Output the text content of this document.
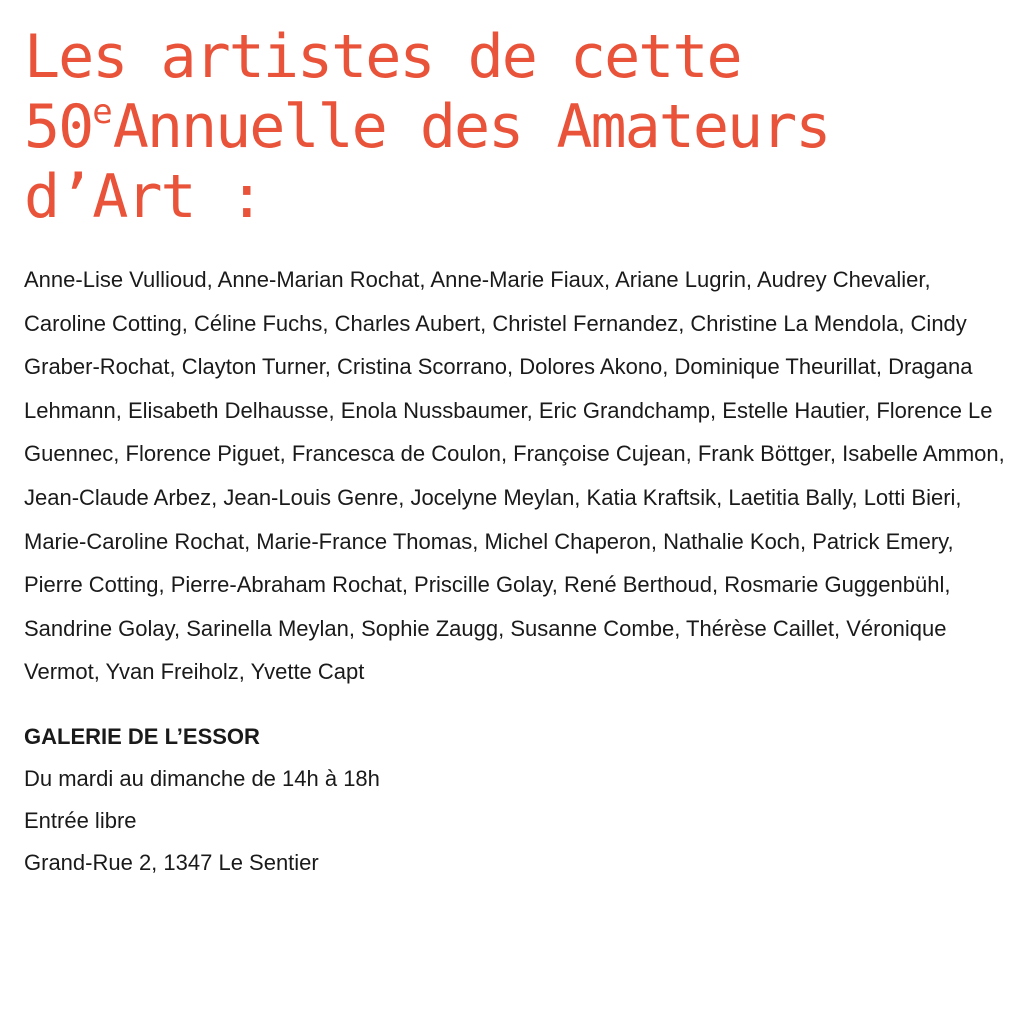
Les artistes de cette
50eAnnuelle des Amateurs
d’Art :

Anne-Lise Vullioud, Anne-Marian Rochat, Anne-Marie Fiaux, Ariane Lugrin, Audrey Chevalier, Caroline Cotting, Céline Fuchs, Charles Aubert, Christel Fernandez, Christine La Mendola, Cindy Graber-Rochat, Clayton Turner, Cristina Scorrano, Dolores Akono, Dominique Theurillat, Dragana Lehmann, Elisabeth Delhausse, Enola Nussbaumer, Eric Grandchamp, Estelle Hautier, Florence Le Guennec, Florence Piguet, Francesca de Coulon, Françoise Cujean, Frank Böttger, Isabelle Ammon, Jean-Claude Arbez, Jean-Louis Genre, Jocelyne Meylan, Katia Kraftsik, Laetitia Bally, Lotti Bieri, Marie-Caroline Rochat, Marie-France Thomas, Michel Chaperon, Nathalie Koch, Patrick Emery, Pierre Cotting, Pierre-Abraham Rochat, Priscille Golay, René Berthoud, Rosmarie Guggenbühl, Sandrine Golay, Sarinella Meylan, Sophie Zaugg, Susanne Combe, Thérèse Caillet, Véronique Vermot, Yvan Freiholz, Yvette Capt

GALERIE DE L’ESSOR
Du mardi au dimanche de 14h à 18h
Entrée libre
Grand-Rue 2, 1347 Le Sentier
